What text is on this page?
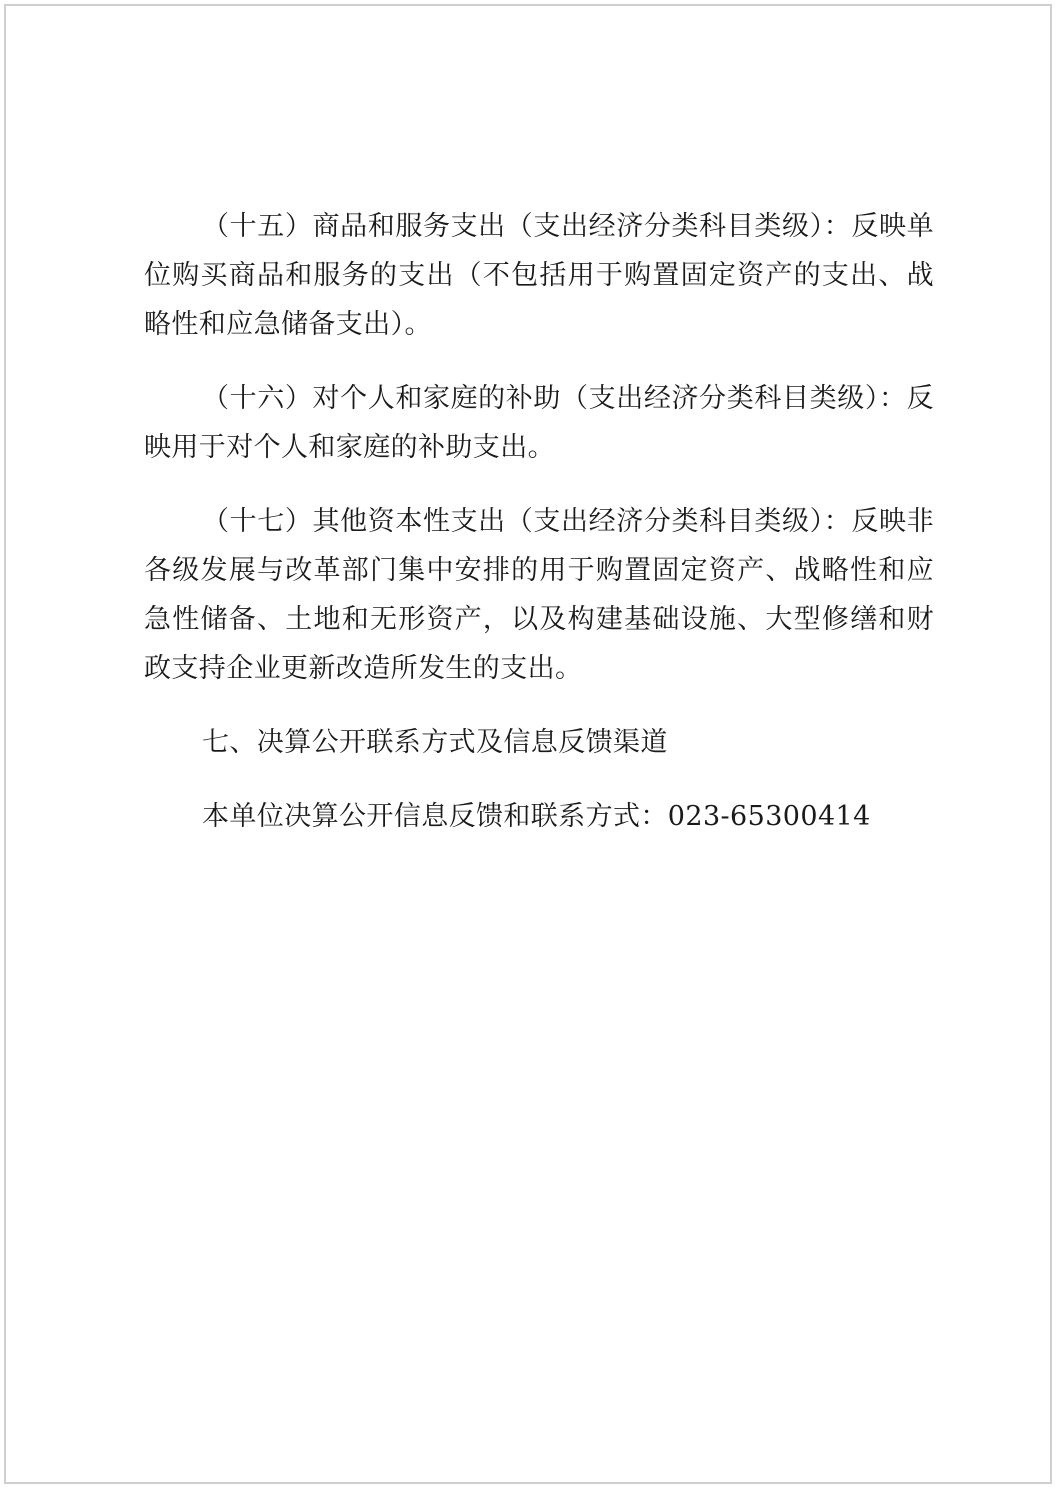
（十五）商品和服务支出（支出经济分类科目类级）：反映单位购买商品和服务的支出（不包括用于购置固定资产的支出、战略性和应急储备支出）。

（十六）对个人和家庭的补助（支出经济分类科目类级）：反映用于对个人和家庭的补助支出。

（十七）其他资本性支出（支出经济分类科目类级）：反映非各级发展与改革部门集中安排的用于购置固定资产、战略性和应急性储备、土地和无形资产，以及构建基础设施、大型修缮和财政支持企业更新改造所发生的支出。

七、决算公开联系方式及信息反馈渠道

本单位决算公开信息反馈和联系方式：023-65300414
